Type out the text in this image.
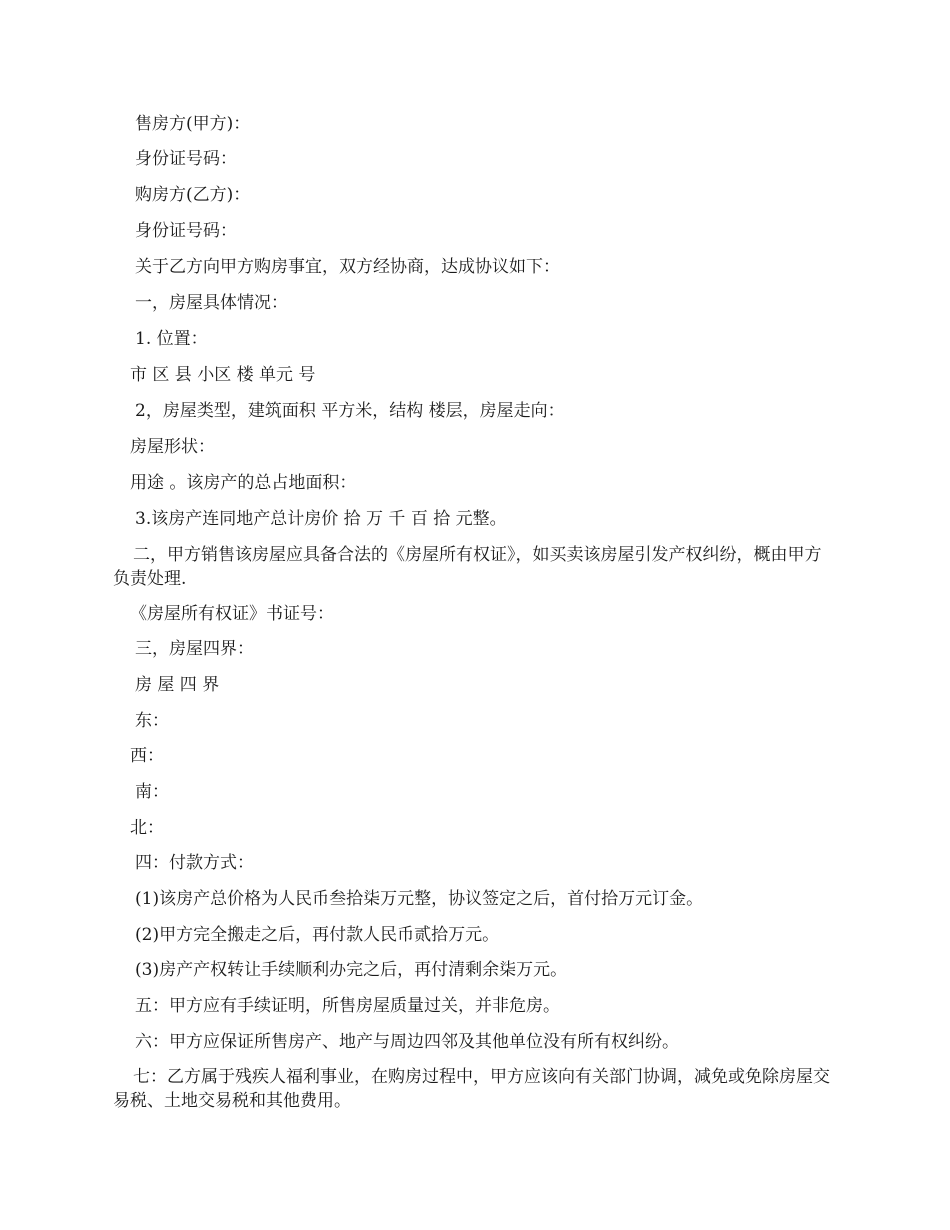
售房方(甲方)：
身份证号码：
购房方(乙方)：
身份证号码：
关于乙方向甲方购房事宜，双方经协商，达成协议如下：
一，房屋具体情况：
1. 位置：
市 区 县 小区 楼 单元 号
2，房屋类型，建筑面积 平方米，结构 楼层，房屋走向：
房屋形状：
用途 。该房产的总占地面积：
3.该房产连同地产总计房价 拾 万 千 百 拾 元整。
二，甲方销售该房屋应具备合法的《房屋所有权证》，如买卖该房屋引发产权纠纷，概由甲方负责处理.
《房屋所有权证》书证号：
三，房屋四界：
房 屋 四 界
东：
西：
南：
北：
四：付款方式：
(1)该房产总价格为人民币叁拾柒万元整，协议签定之后，首付拾万元订金。
(2)甲方完全搬走之后，再付款人民币贰拾万元。
(3)房产产权转让手续顺利办完之后，再付清剩余柒万元。
五：甲方应有手续证明，所售房屋质量过关，并非危房。
六：甲方应保证所售房产、地产与周边四邻及其他单位没有所有权纠纷。
七：乙方属于残疾人福利事业，在购房过程中，甲方应该向有关部门协调，减免或免除房屋交易税、土地交易税和其他费用。
